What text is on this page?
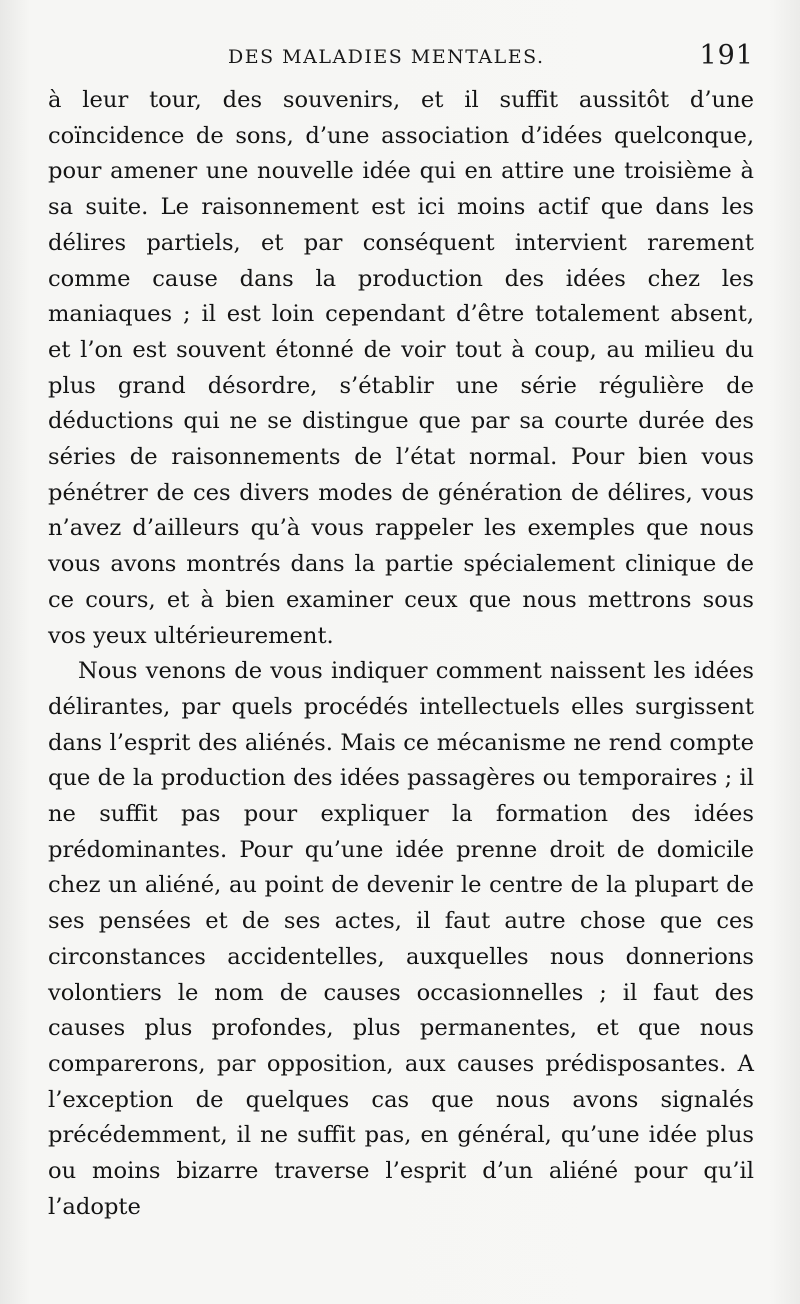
DES MALADIES MENTALES.	191

à leur tour, des souvenirs, et il suffit aussitôt d’une coïncidence de sons, d’une association d’idées quelconque, pour amener une nouvelle idée qui en attire une troisième à sa suite. Le raisonnement est ici moins actif que dans les délires partiels, et par conséquent intervient rarement comme cause dans la production des idées chez les maniaques ; il est loin cependant d’être totalement absent, et l’on est souvent étonné de voir tout à coup, au milieu du plus grand désordre, s’établir une série régulière de déductions qui ne se distingue que par sa courte durée des séries de raisonnements de l’état normal. Pour bien vous pénétrer de ces divers modes de génération de délires, vous n’avez d’ailleurs qu’à vous rappeler les exemples que nous vous avons montrés dans la partie spécialement clinique de ce cours, et à bien examiner ceux que nous mettrons sous vos yeux ultérieurement.

Nous venons de vous indiquer comment naissent les idées délirantes, par quels procédés intellectuels elles surgissent dans l’esprit des aliénés. Mais ce mécanisme ne rend compte que de la production des idées passagères ou temporaires ; il ne suffit pas pour expliquer la formation des idées prédominantes. Pour qu’une idée prenne droit de domicile chez un aliéné, au point de devenir le centre de la plupart de ses pensées et de ses actes, il faut autre chose que ces circonstances accidentelles, auxquelles nous donnerions volontiers le nom de causes occasionnelles ; il faut des causes plus profondes, plus permanentes, et que nous comparerons, par opposition, aux causes prédisposantes. A l’exception de quelques cas que nous avons signalés précédemment, il ne suffit pas, en général, qu’une idée plus ou moins bizarre traverse l’esprit d’un aliéné pour qu’il l’adopte
